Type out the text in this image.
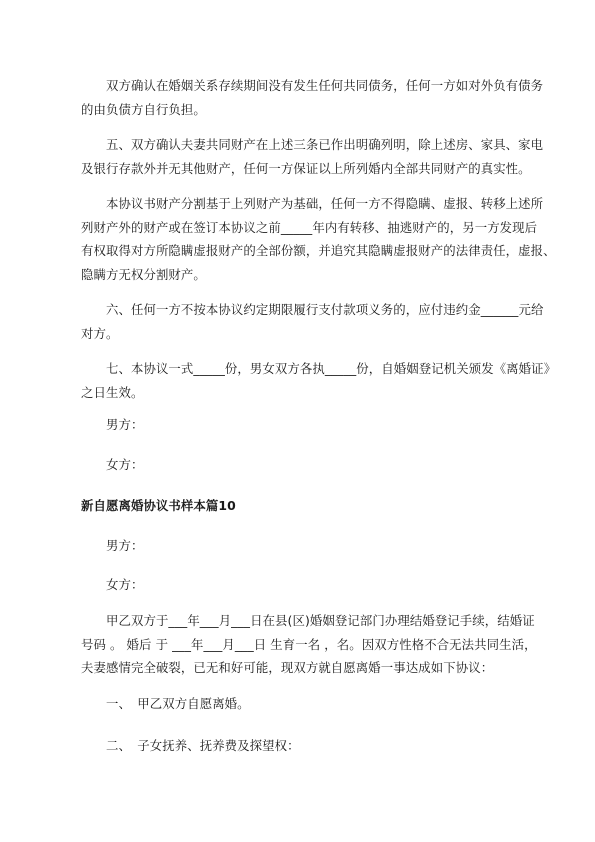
　　双方确认在婚姻关系存续期间没有发生任何共同债务，任何一方如对外负有债务
的由负债方自行负担。
　　五、双方确认夫妻共同财产在上述三条已作出明确列明，除上述房、家具、家电
及银行存款外并无其他财产，任何一方保证以上所列婚内全部共同财产的真实性。
　　本协议书财产分割基于上列财产为基础，任何一方不得隐瞒、虚报、转移上述所
列财产外的财产或在签订本协议之前_____年内有转移、抽逃财产的，另一方发现后
有权取得对方所隐瞒虚报财产的全部份额，并追究其隐瞒虚报财产的法律责任，虚报、
隐瞒方无权分割财产。
　　六、任何一方不按本协议约定期限履行支付款项义务的，应付违约金______元给
对方。
　　七、本协议一式_____份，男女双方各执_____份，自婚姻登记机关颁发《离婚证》
之日生效。
　　男方：
　　女方：
新自愿离婚协议书样本篇10
　　男方：
　　女方：
　　甲乙双方于___年___月___日在县(区)婚姻登记部门办理结婚登记手续，结婚证
号码 。 婚后 于 ___年___月___日 生育一名 ，名。因双方性格不合无法共同生活，
夫妻感情完全破裂，已无和好可能，现双方就自愿离婚一事达成如下协议：
　　一、　甲乙双方自愿离婚。
　　二、　子女抚养、抚养费及探望权：
